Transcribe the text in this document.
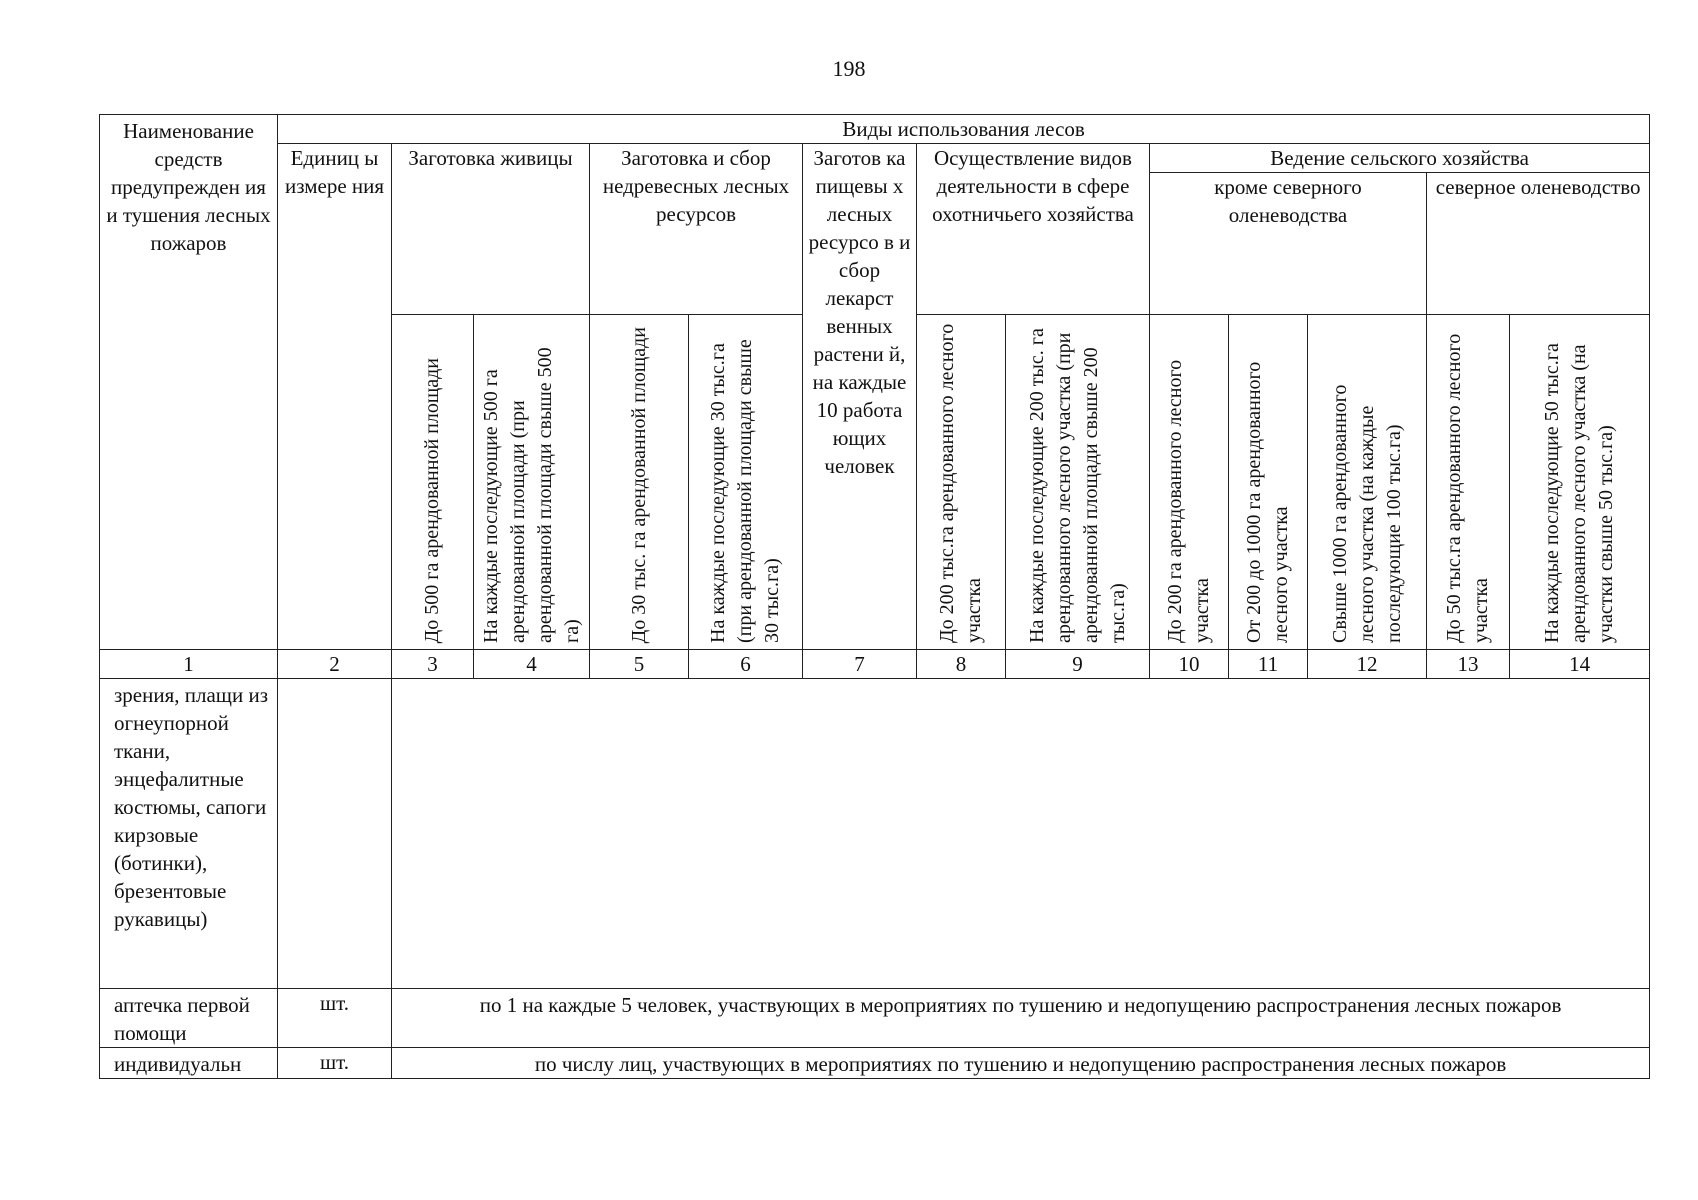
198
Наименование средств предупрежден ия и тушения лесных пожаров	Виды использования лесов												
	Единиц ы измере ния	Заготовка живицы		Заготовка и сбор недревесных лесных ресурсов		Заготов ка пищевы х лесных ресурсо в и сбор лекарст венных растени й, на каждые 10 работа ющих человек	Осуществление видов деятельности в сфере охотничьего хозяйства		Ведение сельского хозяйства				
									кроме северного оленеводства			северное оленеводство	

		До 500 га арендованной площади	На каждые последующие 500 га арендованной площади (при арендованной площади свыше 500 га)	До 30 тыс. га арендованной площади	На каждые последующие 30 тыс.га (при арендованной площади свыше 30 тыс.га)		До 200 тыс.га арендованного лесного участка	На каждые последующие 200 тыс. га арендованного лесного участка (при арендованной площади свыше 200 тыс.га)	До 200 га арендованного лесного участка	От 200 до 1000 га арендованного лесного участка	Свыше 1000 га арендованного лесного участка (на каждые последующие 100 тыс.га)	До 50 тыс.га арендованного лесного участка	На каждые последующие 50 тыс.га арендованного лесного участка (на участки свыше 50 тыс.га)

1	2	3	4	5	6	7	8	9	10	11	12	13	14
зрения, плащи из огнеупорной ткани, энцефалитные костюмы, сапоги кирзовые (ботинки), брезентовые рукавицы)													
аптечка первой помощи	шт.	по 1 на каждые 5 человек, участвующих в мероприятиях по тушению и недопущению распространения лесных пожаров											
индивидуальн	шт.	по числу лиц, участвующих в мероприятиях по тушению и недопущению распространения лесных пожаров											
